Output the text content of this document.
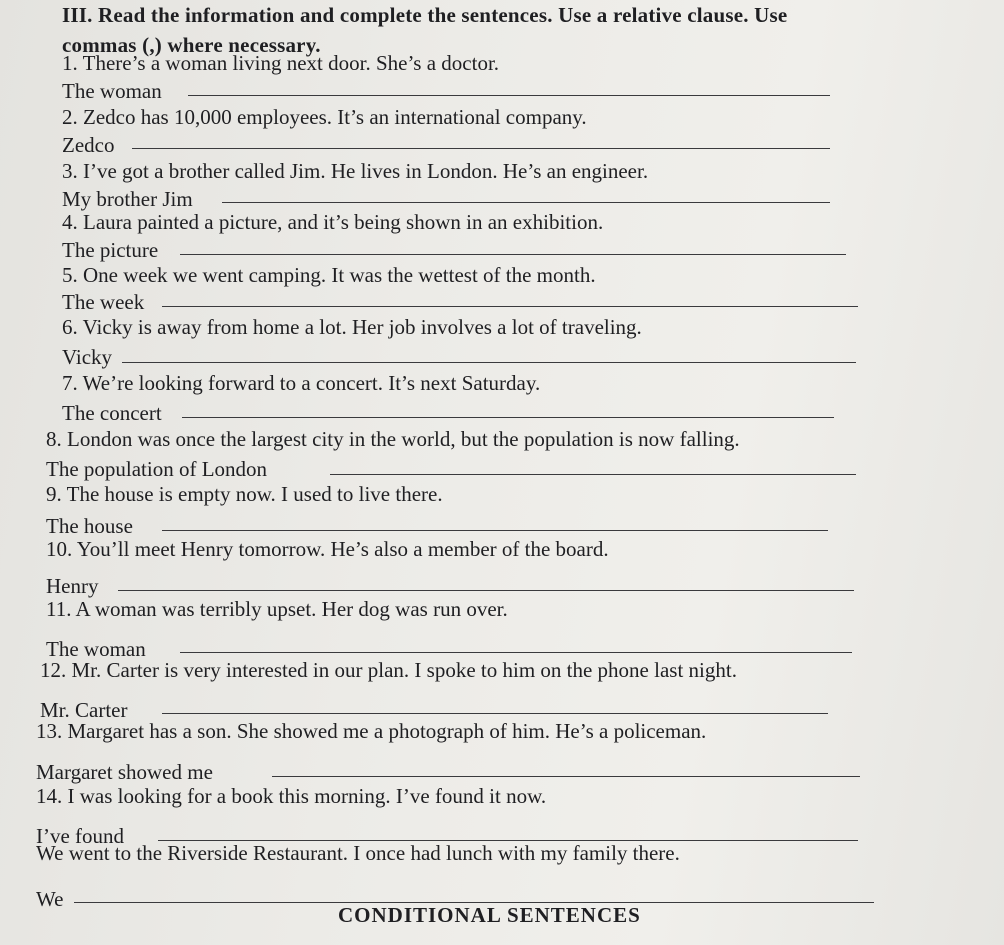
III. Read the information and complete the sentences. Use a relative clause. Use
commas (,) where necessary.
1. There’s a woman living next door. She’s a doctor.
The woman
2. Zedco has 10,000 employees. It’s an international company.
Zedco
3. I’ve got a brother called Jim. He lives in London. He’s an engineer.
My brother Jim
4. Laura painted a picture, and it’s being shown in an exhibition.
The picture
5. One week we went camping. It was the wettest of the month.
The week
6. Vicky is away from home a lot. Her job involves a lot of traveling.
Vicky
7. We’re looking forward to a concert. It’s next Saturday.
The concert
8. London was once the largest city in the world, but the population is now falling.
The population of London
9. The house is empty now. I used to live there.
The house
10. You’ll meet Henry tomorrow. He’s also a member of the board.
Henry
11. A woman was terribly upset. Her dog was run over.
The woman
12. Mr. Carter is very interested in our plan. I spoke to him on the phone last night.
Mr. Carter
13. Margaret has a son. She showed me a photograph of him. He’s a policeman.
Margaret showed me
14. I was looking for a book this morning. I’ve found it now.
I’ve found
We went to the Riverside Restaurant. I once had lunch with my family there.
We
CONDITIONAL SENTENCES
